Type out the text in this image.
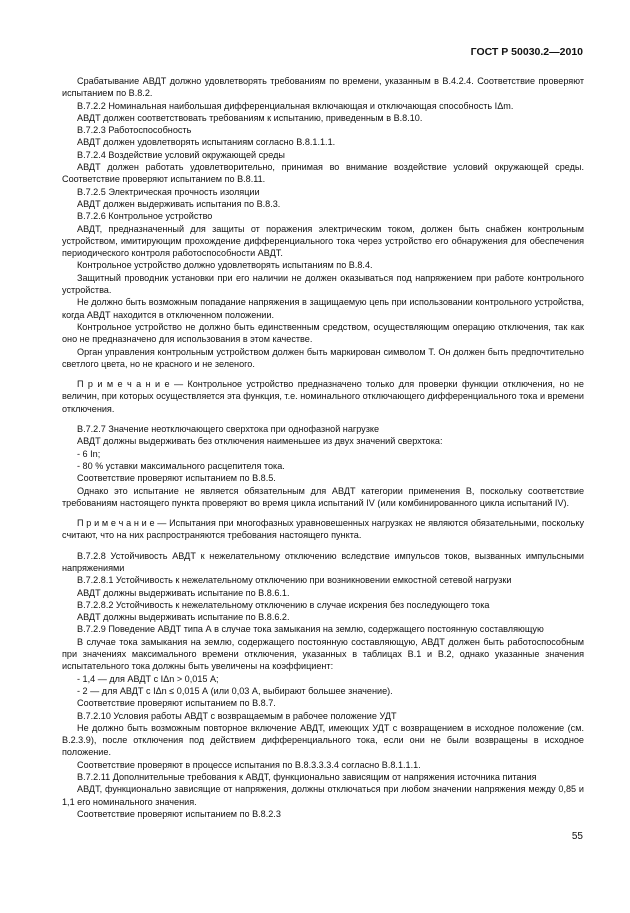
ГОСТ Р 50030.2—2010

Срабатывание АВДТ должно удовлетворять требованиям по времени, указанным в В.4.2.4. Соответствие проверяют испытанием по В.8.2.

В.7.2.2 Номинальная наибольшая дифференциальная включающая и отключающая способность IΔm.

АВДТ должен соответствовать требованиям к испытанию, приведенным в В.8.10.

В.7.2.3 Работоспособность

АВДТ должен удовлетворять испытаниям согласно В.8.1.1.1.

В.7.2.4 Воздействие условий окружающей среды

АВДТ должен работать удовлетворительно, принимая во внимание воздействие условий окружающей среды. Соответствие проверяют испытанием по В.8.11.

В.7.2.5 Электрическая прочность изоляции

АВДТ должен выдерживать испытания по В.8.3.

В.7.2.6 Контрольное устройство

АВДТ, предназначенный для защиты от поражения электрическим током, должен быть снабжен контрольным устройством, имитирующим прохождение дифференциального тока через устройство его обнаружения для обеспечения периодического контроля работоспособности АВДТ.

Контрольное устройство должно удовлетворять испытаниям по В.8.4.

Защитный проводник установки при его наличии не должен оказываться под напряжением при работе контрольного устройства.

Не должно быть возможным попадание напряжения в защищаемую цепь при использовании контрольного устройства, когда АВДТ находится в отключенном положении.

Контрольное устройство не должно быть единственным средством, осуществляющим операцию отключения, так как оно не предназначено для использования в этом качестве.

Орган управления контрольным устройством должен быть маркирован символом Т. Он должен быть предпочтительно светлого цвета, но не красного и не зеленого.

П р и м е ч а н и е — Контрольное устройство предназначено только для проверки функции отключения, но не величин, при которых осуществляется эта функция, т.е. номинального отключающего дифференциального тока и времени отключения.

В.7.2.7 Значение неотключающего сверхтока при однофазной нагрузке

АВДТ должны выдерживать без отключения наименьшее из двух значений сверхтока:

- 6 In;

- 80 % уставки максимального расцепителя тока.

Соответствие проверяют испытанием по В.8.5.

Однако это испытание не является обязательным для АВДТ категории применения В, поскольку соответствие требованиям настоящего пункта проверяют во время цикла испытаний IV (или комбинированного цикла испытаний IV).

П р и м е ч а н и е — Испытания при многофазных уравновешенных нагрузках не являются обязательными, поскольку считают, что на них распространяются требования настоящего пункта.

В.7.2.8 Устойчивость АВДТ к нежелательному отключению вследствие импульсов токов, вызванных импульсными напряжениями

В.7.2.8.1 Устойчивость к нежелательному отключению при возникновении емкостной сетевой нагрузки

АВДТ должны выдерживать испытание по В.8.6.1.

В.7.2.8.2 Устойчивость к нежелательному отключению в случае искрения без последующего тока

АВДТ должны выдерживать испытание по В.8.6.2.

В.7.2.9 Поведение АВДТ типа А в случае тока замыкания на землю, содержащего постоянную составляющую

В случае тока замыкания на землю, содержащего постоянную составляющую, АВДТ должен быть работоспособным при значениях максимального времени отключения, указанных в таблицах В.1 и В.2, однако указанные значения испытательного тока должны быть увеличены на коэффициент:

- 1,4 — для АВДТ с IΔn > 0,015 А;

- 2 — для АВДТ с IΔn ≤ 0,015 А (или 0,03 А, выбирают большее значение).

Соответствие проверяют испытанием по В.8.7.

В.7.2.10 Условия работы АВДТ с возвращаемым в рабочее положение УДТ

Не должно быть возможным повторное включение АВДТ, имеющих УДТ с возвращением в исходное положение (см. В.2.3.9), после отключения под действием дифференциального тока, если они не были возвращены в исходное положение.

Соответствие проверяют в процессе испытания по В.8.3.3.3.4 согласно В.8.1.1.1.

В.7.2.11 Дополнительные требования к АВДТ, функционально зависящим от напряжения источника питания

АВДТ, функционально зависящие от напряжения, должны отключаться при любом значении напряжения между 0,85 и 1,1 его номинального значения.

Соответствие проверяют испытанием по В.8.2.3

55
